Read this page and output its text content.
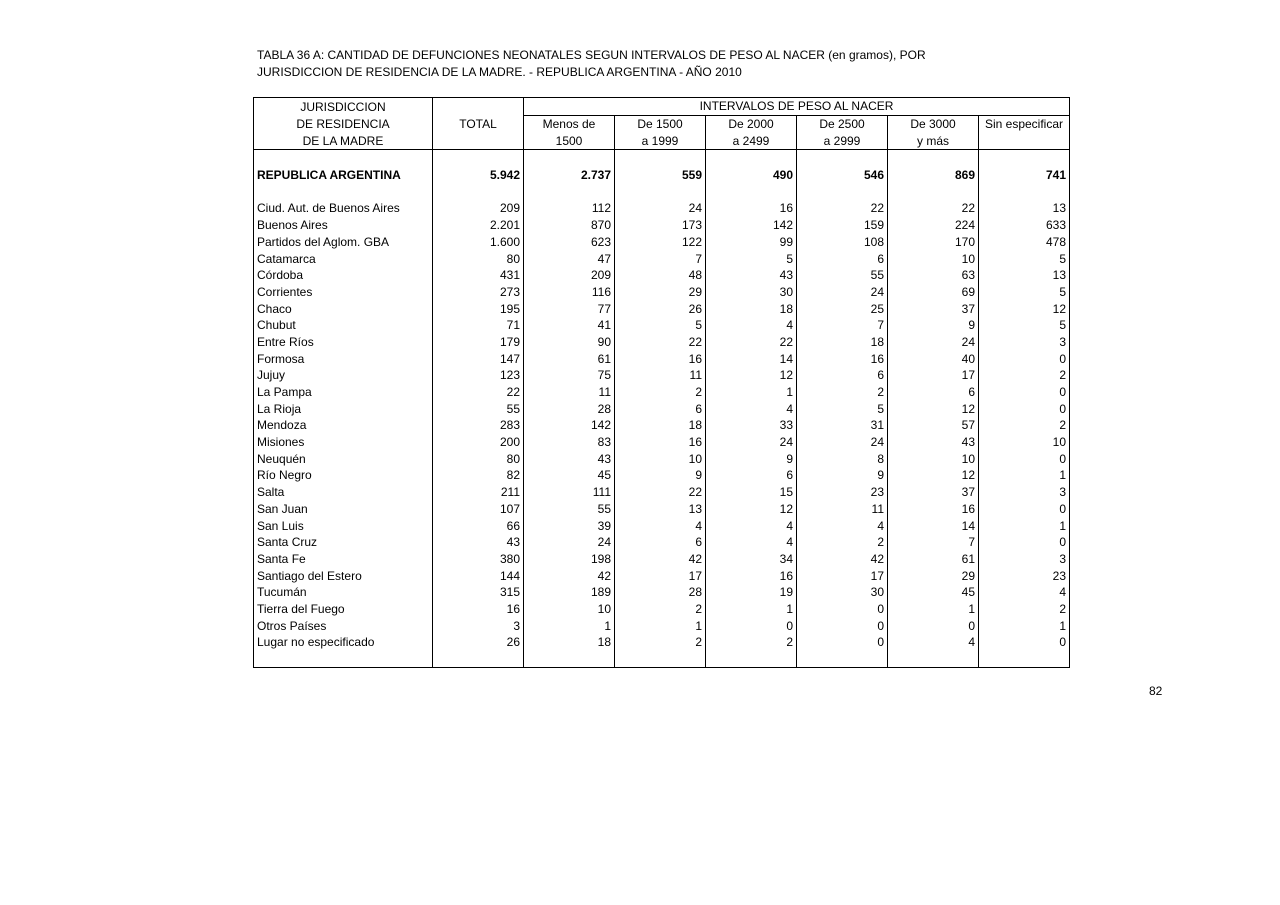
TABLA 36 A: CANTIDAD DE DEFUNCIONES NEONATALES SEGUN INTERVALOS DE PESO AL NACER (en gramos), POR
JURISDICCION DE RESIDENCIA DE LA MADRE. - REPUBLICA ARGENTINA - AÑO 2010
JURISDICCION		INTERVALOS DE PESO AL NACER					
DE RESIDENCIA	TOTAL	Menos de	De 1500	De 2000	De 2500	De 3000	Sin especificar
DE LA MADRE		1500	a 1999	a 2499	a 2999	y más	

REPUBLICA ARGENTINA	5.942	2.737	559	490	546	869	741

Ciud. Aut. de Buenos Aires	209	112	24	16	22	22	13
Buenos Aires	2.201	870	173	142	159	224	633
Partidos del Aglom. GBA	1.600	623	122	99	108	170	478
Catamarca	80	47	7	5	6	10	5
Córdoba	431	209	48	43	55	63	13
Corrientes	273	116	29	30	24	69	5
Chaco	195	77	26	18	25	37	12
Chubut	71	41	5	4	7	9	5
Entre Ríos	179	90	22	22	18	24	3
Formosa	147	61	16	14	16	40	0
Jujuy	123	75	11	12	6	17	2
La Pampa	22	11	2	1	2	6	0
La Rioja	55	28	6	4	5	12	0
Mendoza	283	142	18	33	31	57	2
Misiones	200	83	16	24	24	43	10
Neuquén	80	43	10	9	8	10	0
Río Negro	82	45	9	6	9	12	1
Salta	211	111	22	15	23	37	3
San Juan	107	55	13	12	11	16	0
San Luis	66	39	4	4	4	14	1
Santa Cruz	43	24	6	4	2	7	0
Santa Fe	380	198	42	34	42	61	3
Santiago del Estero	144	42	17	16	17	29	23
Tucumán	315	189	28	19	30	45	4
Tierra del Fuego	16	10	2	1	0	1	2
Otros Países	3	1	1	0	0	0	1
Lugar no especificado	26	18	2	2	0	4	0

82
